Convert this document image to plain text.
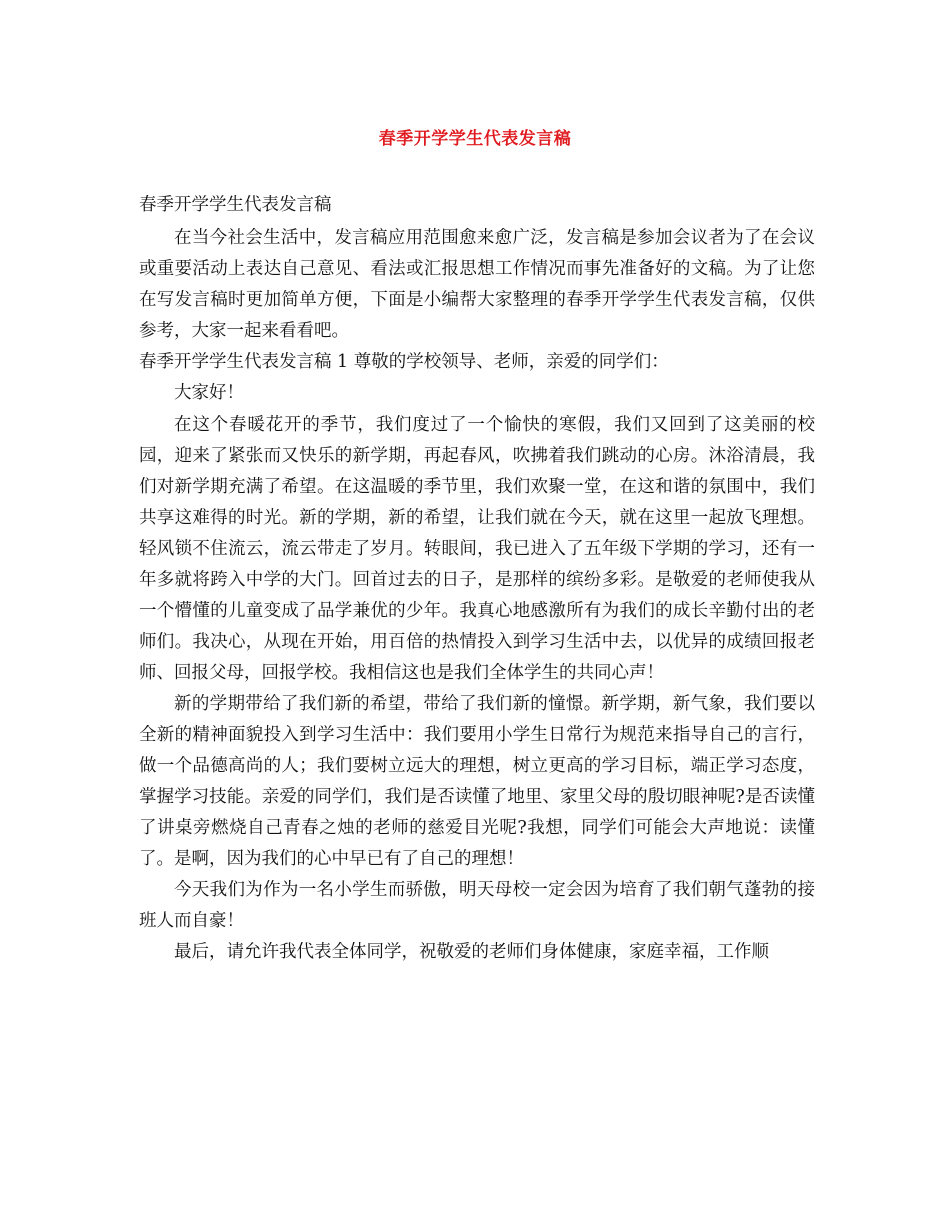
春季开学学生代表发言稿

春季开学学生代表发言稿

在当今社会生活中，发言稿应用范围愈来愈广泛，发言稿是参加会议者为了在会议或重要活动上表达自己意见、看法或汇报思想工作情况而事先准备好的文稿。为了让您在写发言稿时更加简单方便，下面是小编帮大家整理的春季开学学生代表发言稿，仅供参考，大家一起来看看吧。

春季开学学生代表发言稿 1 尊敬的学校领导、老师，亲爱的同学们：

大家好！

在这个春暖花开的季节，我们度过了一个愉快的寒假，我们又回到了这美丽的校园，迎来了紧张而又快乐的新学期，再起春风，吹拂着我们跳动的心房。沐浴清晨，我们对新学期充满了希望。在这温暖的季节里，我们欢聚一堂，在这和谐的氛围中，我们共享这难得的时光。新的学期，新的希望，让我们就在今天，就在这里一起放飞理想。轻风锁不住流云，流云带走了岁月。转眼间，我已进入了五年级下学期的学习，还有一年多就将跨入中学的大门。回首过去的日子，是那样的缤纷多彩。是敬爱的老师使我从一个懵懂的儿童变成了品学兼优的少年。我真心地感激所有为我们的成长辛勤付出的老师们。我决心，从现在开始，用百倍的热情投入到学习生活中去，以优异的成绩回报老师、回报父母，回报学校。我相信这也是我们全体学生的共同心声！

新的学期带给了我们新的希望，带给了我们新的憧憬。新学期，新气象，我们要以全新的精神面貌投入到学习生活中：我们要用小学生日常行为规范来指导自己的言行，做一个品德高尚的人；我们要树立远大的理想，树立更高的学习目标，端正学习态度，掌握学习技能。亲爱的同学们，我们是否读懂了地里、家里父母的殷切眼神呢?是否读懂了讲桌旁燃烧自己青春之烛的老师的慈爱目光呢?我想，同学们可能会大声地说：读懂了。是啊，因为我们的心中早已有了自己的理想！

今天我们为作为一名小学生而骄傲，明天母校一定会因为培育了我们朝气蓬勃的接班人而自豪！

最后，请允许我代表全体同学，祝敬爱的老师们身体健康，家庭幸福，工作顺
